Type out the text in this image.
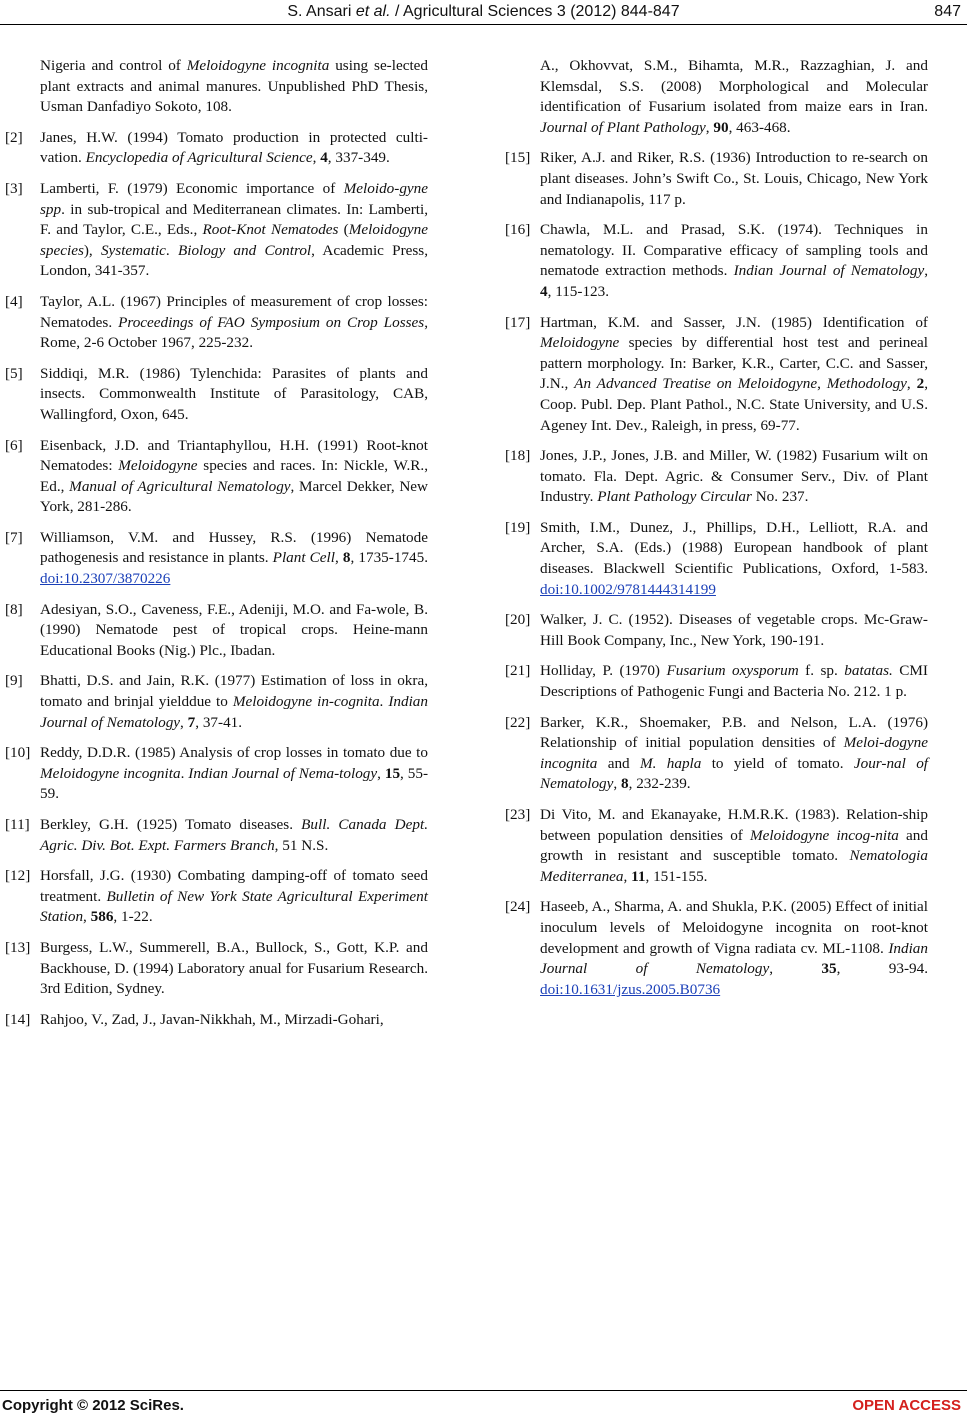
S. Ansari et al. / Agricultural Sciences 3 (2012) 844-847	847
Nigeria and control of Meloidogyne incognita using se-lected plant extracts and animal manures. Unpublished PhD Thesis, Usman Danfadiyo Sokoto, 108.
[2]	Janes, H.W. (1994) Tomato production in protected culti-vation. Encyclopedia of Agricultural Science, 4, 337-349.
[3]	Lamberti, F. (1979) Economic importance of Meloido-gyne spp. in sub-tropical and Mediterranean climates. In: Lamberti, F. and Taylor, C.E., Eds., Root-Knot Nematodes (Meloidogyne species), Systematic. Biology and Control, Academic Press, London, 341-357.
[4]	Taylor, A.L. (1967) Principles of measurement of crop losses: Nematodes. Proceedings of FAO Symposium on Crop Losses, Rome, 2-6 October 1967, 225-232.
[5]	Siddiqi, M.R. (1986) Tylenchida: Parasites of plants and insects. Commonwealth Institute of Parasitology, CAB, Wallingford, Oxon, 645.
[6]	Eisenback, J.D. and Triantaphyllou, H.H. (1991) Root-knot Nematodes: Meloidogyne species and races. In: Nickle, W.R., Ed., Manual of Agricultural Nematology, Marcel Dekker, New York, 281-286.
[7]	Williamson, V.M. and Hussey, R.S. (1996) Nematode pathogenesis and resistance in plants. Plant Cell, 8, 1735-1745. doi:10.2307/3870226
[8]	Adesiyan, S.O., Caveness, F.E., Adeniji, M.O. and Fa-wole, B. (1990) Nematode pest of tropical crops. Heine-mann Educational Books (Nig.) Plc., Ibadan.
[9]	Bhatti, D.S. and Jain, R.K. (1977) Estimation of loss in okra, tomato and brinjal yielddue to Meloidogyne in-cognita. Indian Journal of Nematology, 7, 37-41.
[10] Reddy, D.D.R. (1985) Analysis of crop losses in tomato due to Meloidogyne incognita. Indian Journal of Nema-tology, 15, 55-59.
[11] Berkley, G.H. (1925) Tomato diseases. Bull. Canada Dept. Agric. Div. Bot. Expt. Farmers Branch, 51 N.S.
[12] Horsfall, J.G. (1930) Combating damping-off of tomato seed treatment. Bulletin of New York State Agricultural Experiment Station, 586, 1-22.
[13] Burgess, L.W., Summerell, B.A., Bullock, S., Gott, K.P. and Backhouse, D. (1994) Laboratory anual for Fusarium Research. 3rd Edition, Sydney.
[14] Rahjoo, V., Zad, J., Javan-Nikkhah, M., Mirzadi-Gohari,
A., Okhovvat, S.M., Bihamta, M.R., Razzaghian, J. and Klemsdal, S.S. (2008) Morphological and Molecular identification of Fusarium isolated from maize ears in Iran. Journal of Plant Pathology, 90, 463-468.
[15] Riker, A.J. and Riker, R.S. (1936) Introduction to re-search on plant diseases. John’s Swift Co., St. Louis, Chicago, New York and Indianapolis, 117 p.
[16] Chawla, M.L. and Prasad, S.K. (1974). Techniques in nematology. II. Comparative efficacy of sampling tools and nematode extraction methods. Indian Journal of Nematology, 4, 115-123.
[17] Hartman, K.M. and Sasser, J.N. (1985) Identification of Meloidogyne species by differential host test and perineal pattern morphology. In: Barker, K.R., Carter, C.C. and Sasser, J.N., An Advanced Treatise on Meloidogyne, Methodology, 2, Coop. Publ. Dep. Plant Pathol., N.C. State University, and U.S. Ageney Int. Dev., Raleigh, in press, 69-77.
[18] Jones, J.P., Jones, J.B. and Miller, W. (1982) Fusarium wilt on tomato. Fla. Dept. Agric. & Consumer Serv., Div. of Plant Industry. Plant Pathology Circular No. 237.
[19] Smith, I.M., Dunez, J., Phillips, D.H., Lelliott, R.A. and Archer, S.A. (Eds.) (1988) European handbook of plant diseases. Blackwell Scientific Publications, Oxford, 1-583. doi:10.1002/9781444314199
[20] Walker, J. C. (1952). Diseases of vegetable crops. Mc-Graw-Hill Book Company, Inc., New York, 190-191.
[21] Holliday, P. (1970) Fusarium oxysporum f. sp. batatas. CMI Descriptions of Pathogenic Fungi and Bacteria No. 212. 1 p.
[22] Barker, K.R., Shoemaker, P.B. and Nelson, L.A. (1976) Relationship of initial population densities of Meloi-dogyne incognita and M. hapla to yield of tomato. Jour-nal of Nematology, 8, 232-239.
[23] Di Vito, M. and Ekanayake, H.M.R.K. (1983). Relation-ship between population densities of Meloidogyne incog-nita and growth in resistant and susceptible tomato. Nematologia Mediterranea, 11, 151-155.
[24] Haseeb, A., Sharma, A. and Shukla, P.K. (2005) Effect of initial inoculum levels of Meloidogyne incognita on root-knot development and growth of Vigna radiata cv. ML-1108. Indian Journal of Nematology, 35, 93-94. doi:10.1631/jzus.2005.B0736
Copyright © 2012 SciRes.	OPEN ACCESS
